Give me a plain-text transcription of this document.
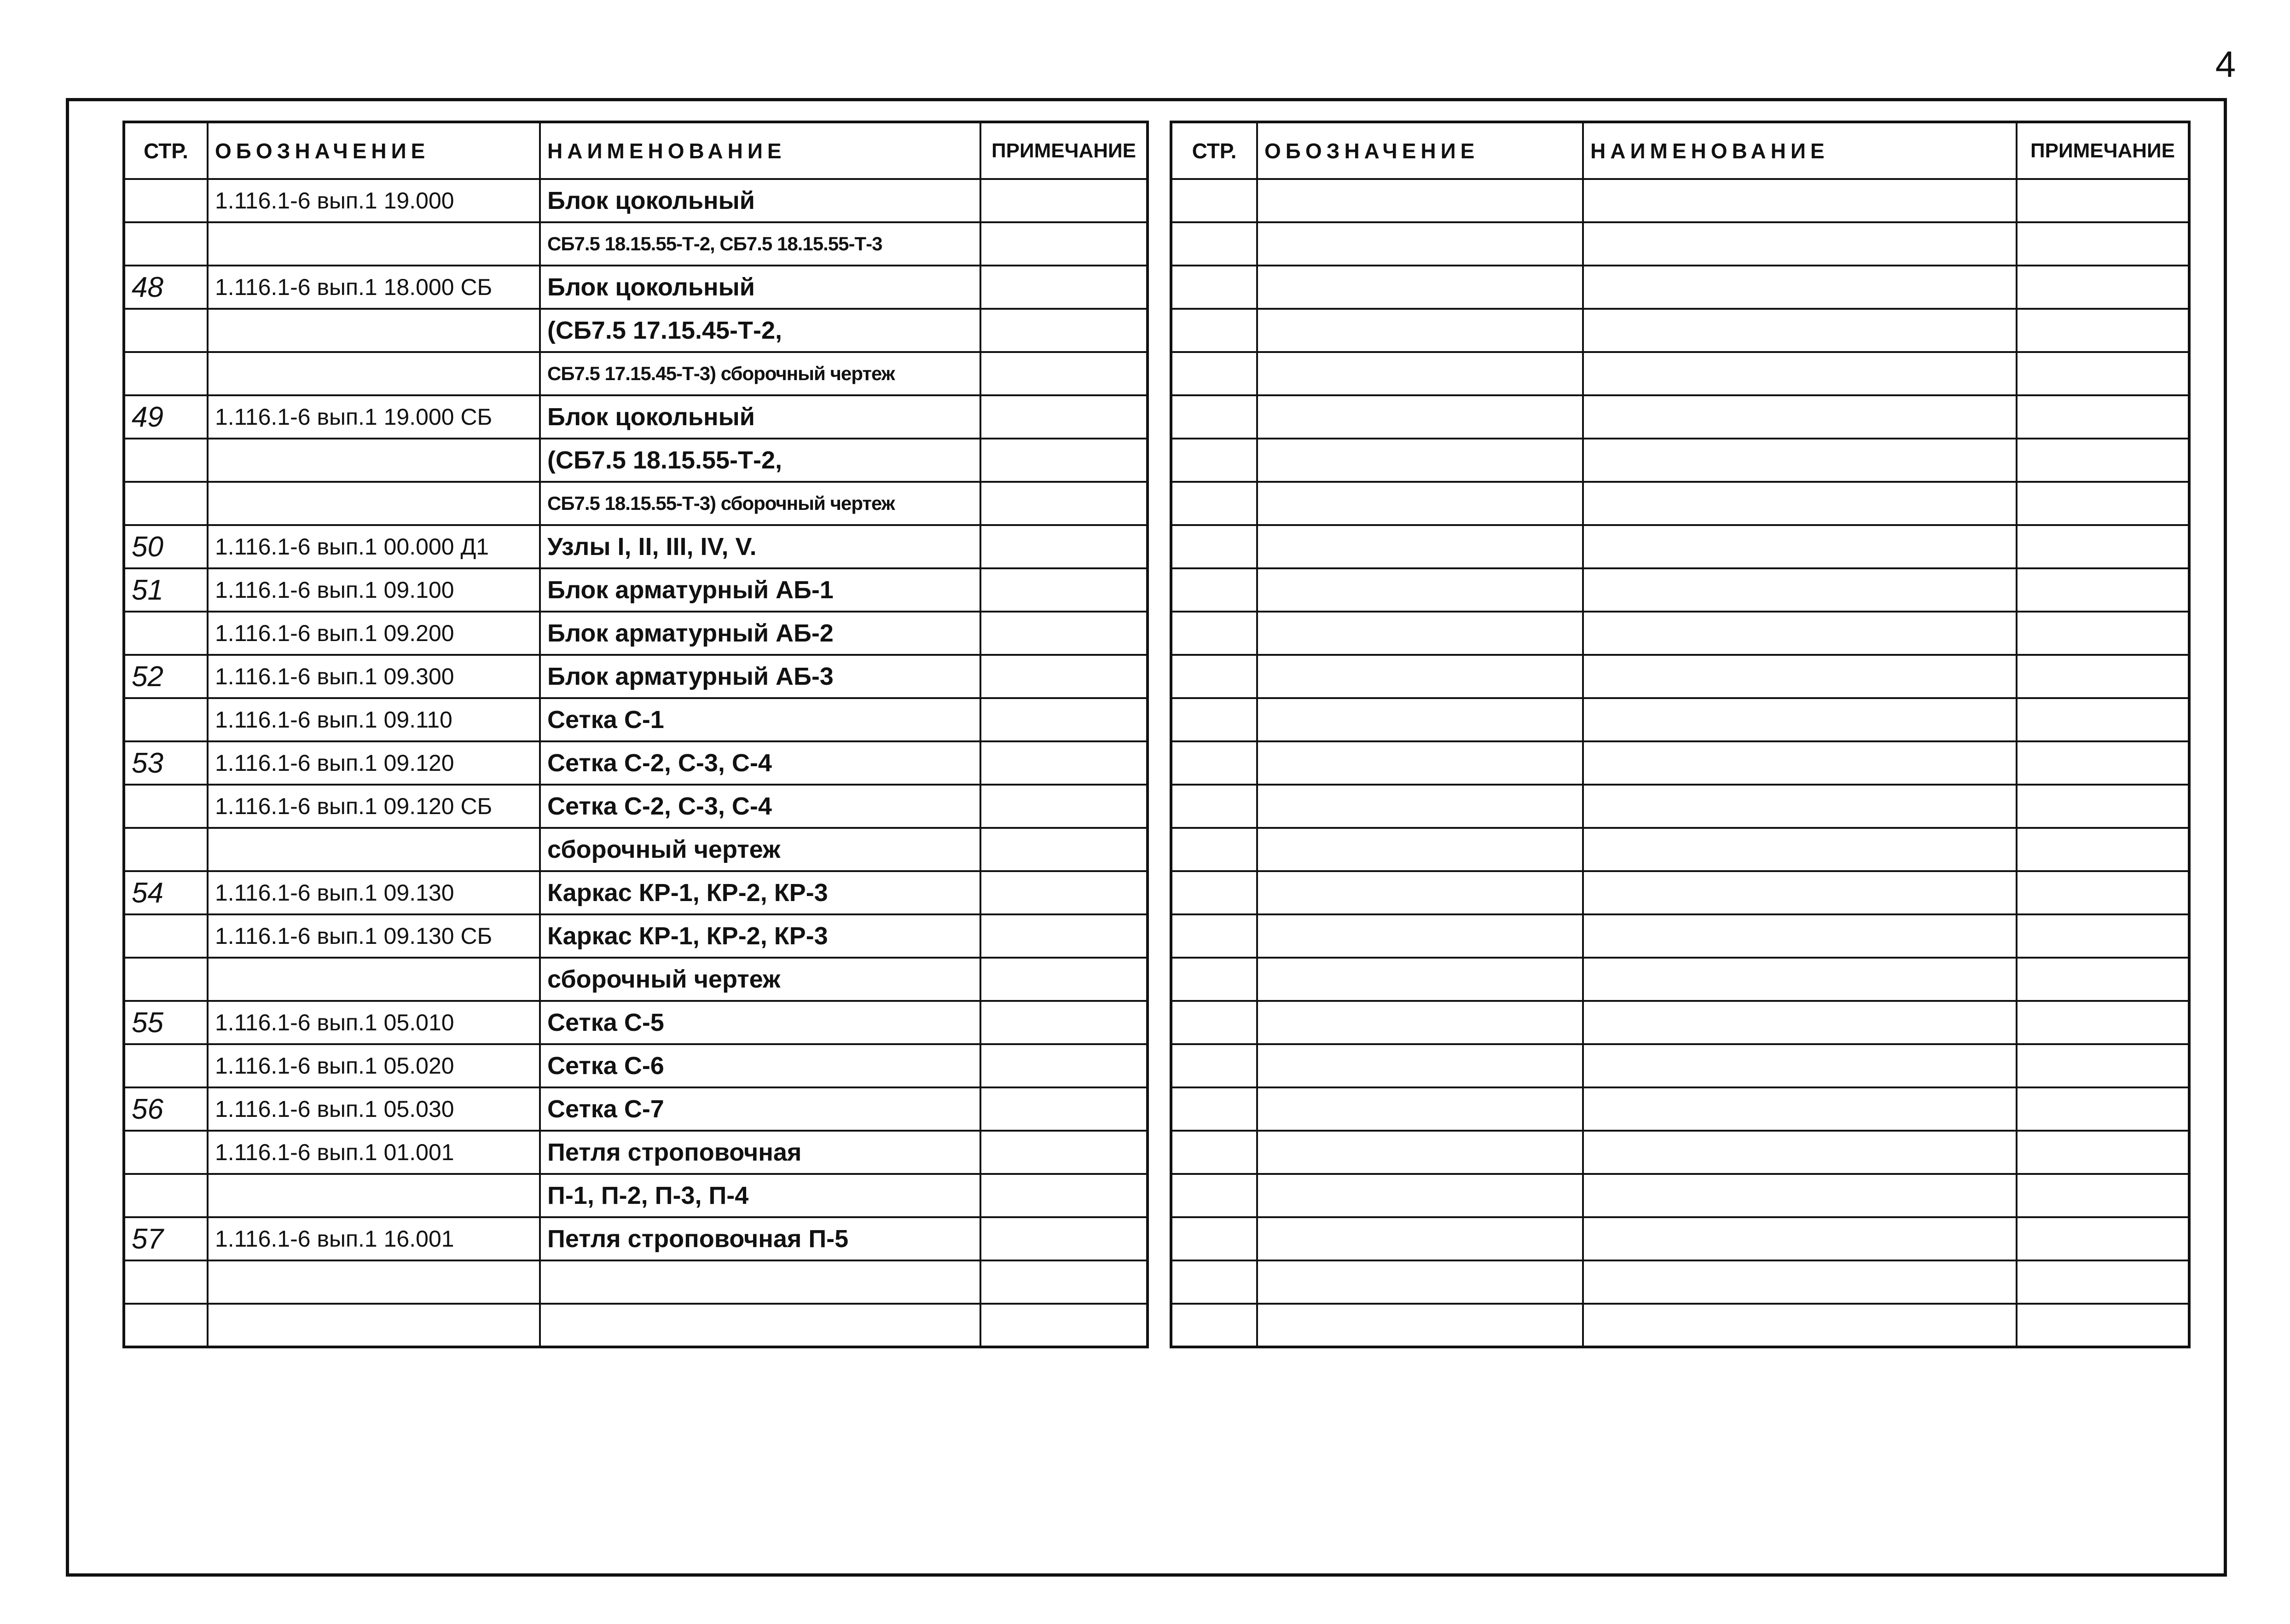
4
СТР.	ОБОЗНАЧЕНИЕ	НАИМЕНОВАНИЕ	ПРИМЕЧАНИЕ
	1.116.1-6 вып.1 19.000	Блок цокольный	
		СБ7.5 18.15.55-Т-2, СБ7.5 18.15.55-Т-3	
48	1.116.1-6 вып.1 18.000 СБ	Блок цокольный	
		(СБ7.5 17.15.45-Т-2,	
		СБ7.5 17.15.45-Т-3) сборочный чертеж	
49	1.116.1-6 вып.1 19.000 СБ	Блок цокольный	
		(СБ7.5 18.15.55-Т-2,	
		СБ7.5 18.15.55-Т-3) сборочный чертеж	
50	1.116.1-6 вып.1 00.000 Д1	Узлы I, II, III, IV, V.	
51	1.116.1-6 вып.1 09.100	Блок арматурный АБ-1	
	1.116.1-6 вып.1 09.200	Блок арматурный АБ-2	
52	1.116.1-6 вып.1 09.300	Блок арматурный АБ-3	
	1.116.1-6 вып.1 09.110	Сетка С-1	
53	1.116.1-6 вып.1 09.120	Сетка С-2, С-3, С-4	
	1.116.1-6 вып.1 09.120 СБ	Сетка С-2, С-3, С-4	
		сборочный чертеж	
54	1.116.1-6 вып.1 09.130	Каркас КР-1, КР-2, КР-3	
	1.116.1-6 вып.1 09.130 СБ	Каркас КР-1, КР-2, КР-3	
		сборочный чертеж	
55	1.116.1-6 вып.1 05.010	Сетка С-5	
	1.116.1-6 вып.1 05.020	Сетка С-6	
56	1.116.1-6 вып.1 05.030	Сетка С-7	
	1.116.1-6 вып.1 01.001	Петля строповочная	
		П-1, П-2, П-3, П-4	
57	1.116.1-6 вып.1 16.001	Петля строповочная П-5	

СТР.	ОБОЗНАЧЕНИЕ	НАИМЕНОВАНИЕ	ПРИМЕЧАНИЕ
